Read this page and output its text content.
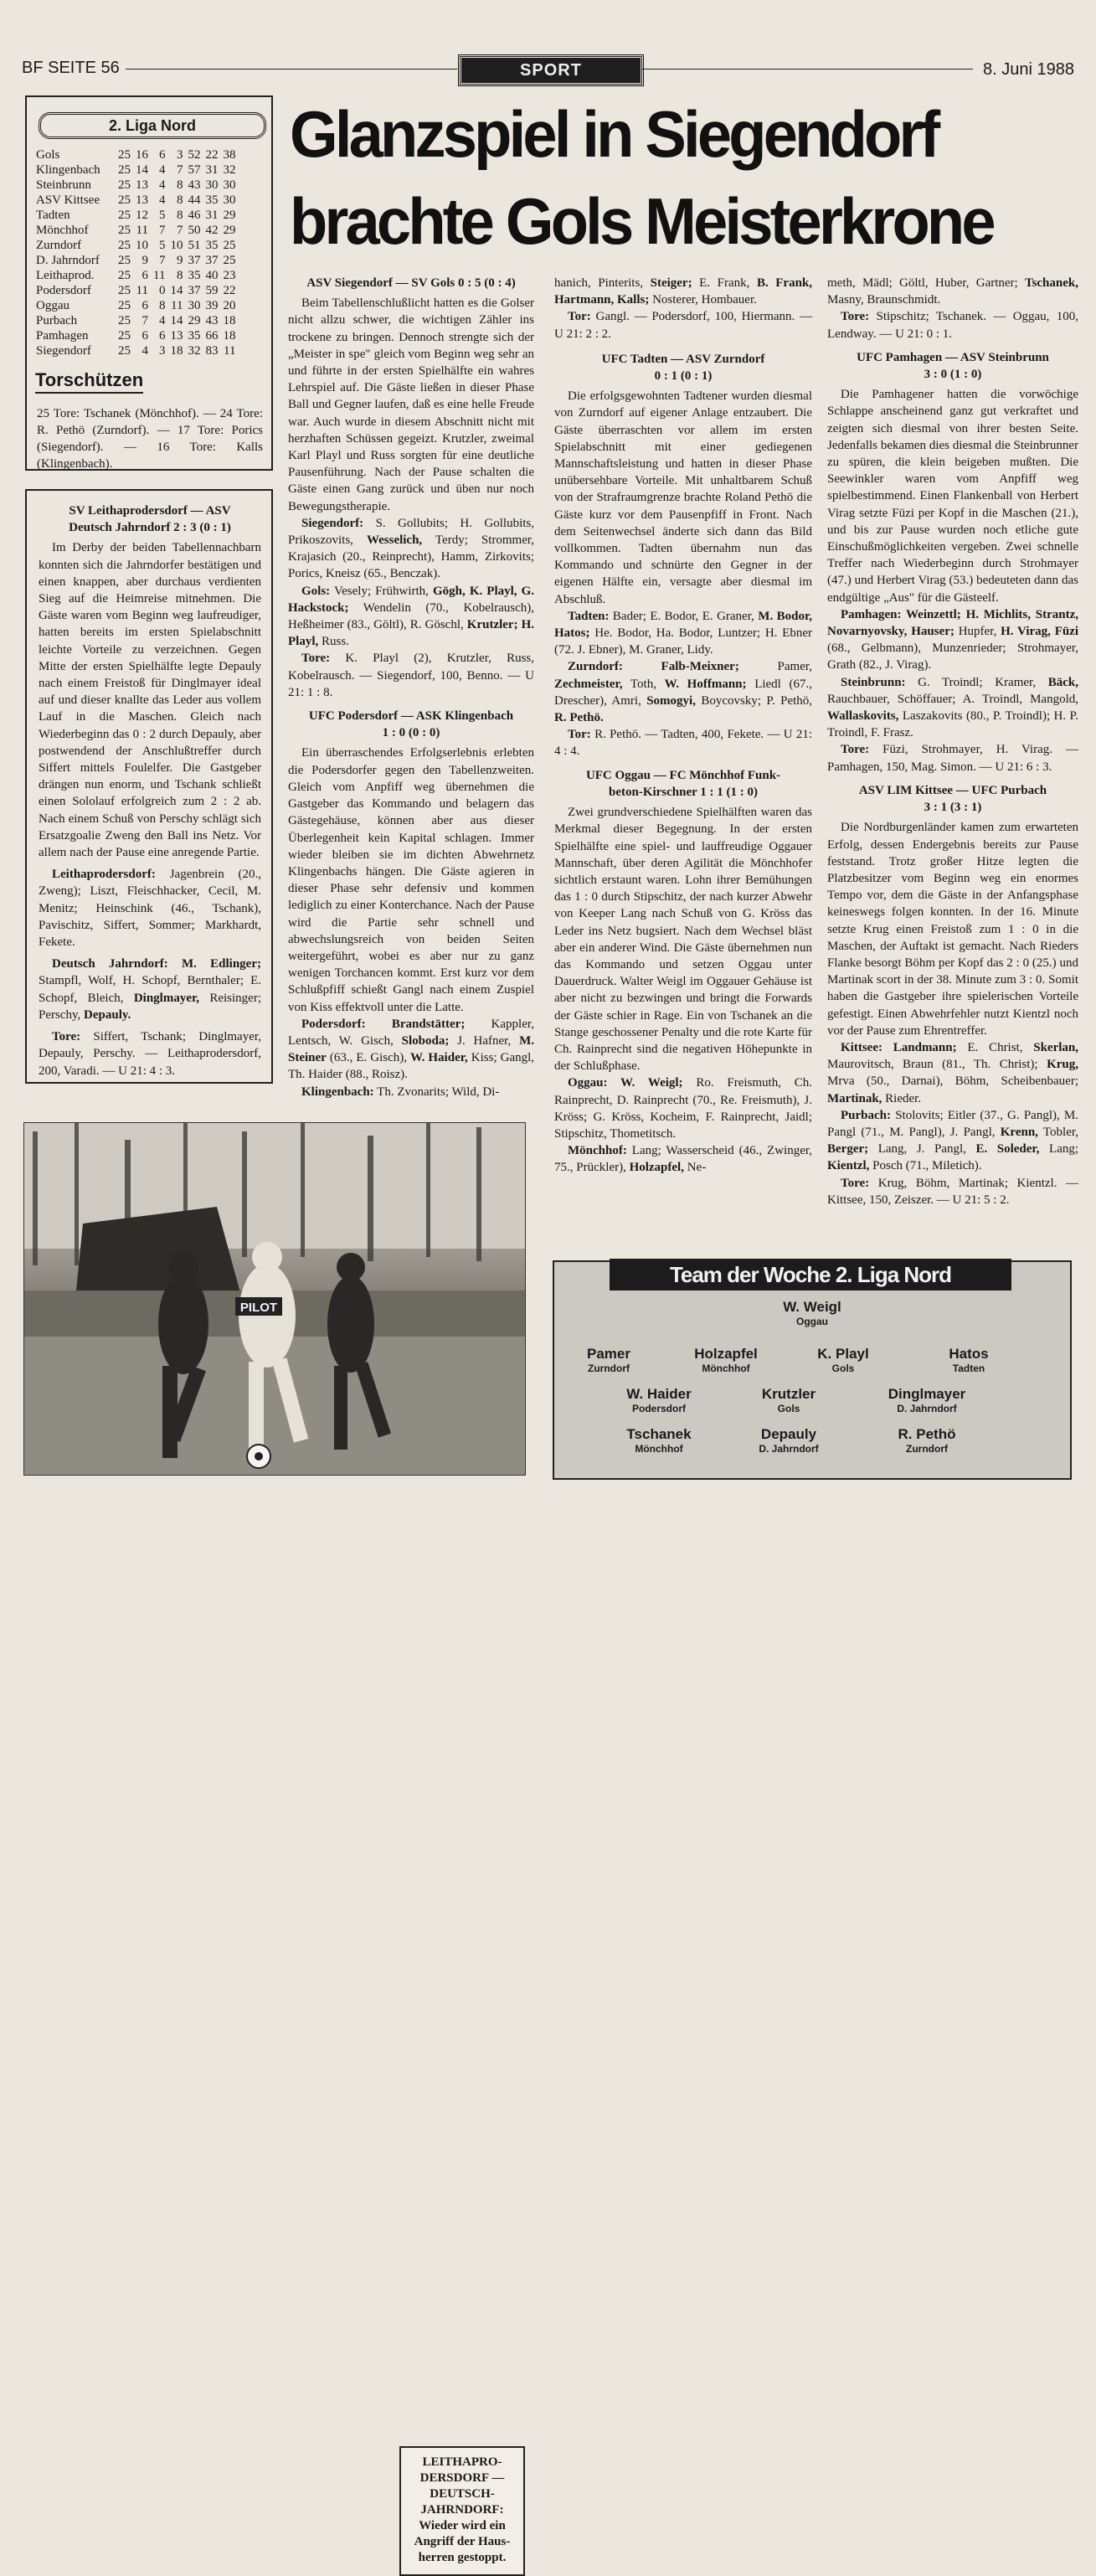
BF SEITE 56	SPORT	8. Juni 1988
Glanzspiel in Siegendorf
brachte Gols Meisterkrone
2. Liga Nord
Gols	25	16	6	3	52	22	38
Klingenbach	25	14	4	7	57	31	32
Steinbrunn	25	13	4	8	43	30	30
ASV Kittsee	25	13	4	8	44	35	30
Tadten	25	12	5	8	46	31	29
Mönchhof	25	11	7	7	50	42	29
Zurndorf	25	10	5	10	51	35	25
D. Jahrndorf	25	9	7	9	37	37	25
Leithaprod.	25	6	11	8	35	40	23
Podersdorf	25	11	0	14	37	59	22
Oggau	25	6	8	11	30	39	20
Purbach	25	7	4	14	29	43	18
Pamhagen	25	6	6	13	35	66	18
Siegendorf	25	4	3	18	32	83	11
Torschützen
25 Tore: Tschanek (Mönchhof). — 24 Tore: R. Pethö (Zurndorf). — 17 Tore: Porics (Siegendorf). — 16 Tore: Kalls (Klingenbach).

SV Leithaprodersdorf — ASV

Deutsch Jahrndorf 2 : 3 (0 : 1)

Im Derby der beiden Tabellennachbarn konnten sich die Jahrndorfer bestätigen und einen knappen, aber durchaus verdienten Sieg auf die Heimreise mitnehmen. Die Gäste waren vom Beginn weg laufreudiger, hatten bereits im ersten Spielabschnitt leichte Vorteile zu verzeichnen. Gegen Mitte der ersten Spielhälfte legte Depauly nach einem Freistoß für Dinglmayer ideal auf und dieser knallte das Leder aus vollem Lauf in die Maschen. Gleich nach Wiederbeginn das 0 : 2 durch Depauly, aber postwendend der Anschlußtreffer durch Siffert mittels Foulelfer. Die Gastgeber drängen nun enorm, und Tschank schließt einen Sololauf erfolgreich zum 2 : 2 ab. Nach einem Schuß von Perschy schlägt sich Ersatzgoalie Zweng den Ball ins Netz. Vor allem nach der Pause eine anregende Partie.

Leithaprodersdorf: Jagenbrein (20., Zweng); Liszt, Fleischhacker, Cecil, M. Menitz; Heinschink (46., Tschank), Pavischitz, Siffert, Sommer; Markhardt, Fekete.

Deutsch Jahrndorf: M. Edlinger; Stampfl, Wolf, H. Schopf, Bernthaler; E. Schopf, Bleich, Dinglmayer, Reisinger; Perschy, Depauly.

Tore: Siffert, Tschank; Dinglmayer, Depauly, Perschy. — Leithaprodersdorf, 200, Varadi. — U 21: 4 : 3.

ASV Siegendorf — SV Gols 0 : 5 (0 : 4)

Beim Tabellenschlußlicht hatten es die Golser nicht allzu schwer, die wichtigen Zähler ins trockene zu bringen. Dennoch strengte sich der „Meister in spe" gleich vom Beginn weg sehr an und führte in der ersten Spielhälfte ein wahres Lehrspiel auf. Die Gäste ließen in dieser Phase Ball und Gegner laufen, daß es eine helle Freude war. Auch wurde in diesem Abschnitt nicht mit herzhaften Schüssen gegeizt. Krutzler, zweimal Karl Playl und Russ sorgten für eine deutliche Pausenführung. Nach der Pause schalten die Gäste einen Gang zurück und üben nur noch Bewegungstherapie.

Siegendorf: S. Gollubits; H. Gollubits, Prikoszovits, Wesselich, Terdy; Strommer, Krajasich (20., Reinprecht), Hamm, Zirkovits; Porics, Kneisz (65., Benczak).

Gols: Vesely; Frühwirth, Gögh, K. Playl, G. Hackstock; Wendelin (70., Kobelrausch), Heßheimer (83., Göltl), R. Göschl, Krutzler; H. Playl, Russ.

Tore: K. Playl (2), Krutzler, Russ, Kobelrausch. — Siegendorf, 100, Benno. — U 21: 1 : 8.

UFC Podersdorf — ASK Klingenbach

1 : 0 (0 : 0)

Ein überraschendes Erfolgserlebnis erlebten die Podersdorfer gegen den Tabellenzweiten. Gleich vom Anpfiff weg übernehmen die Gastgeber das Kommando und belagern das Gästegehäuse, können aber aus dieser Überlegenheit kein Kapital schlagen. Immer wieder bleiben sie im dichten Abwehrnetz Klingenbachs hängen. Die Gäste agieren in dieser Phase sehr defensiv und kommen lediglich zu einer Konterchance. Nach der Pause wird die Partie sehr schnell und abwechslungsreich von beiden Seiten weitergeführt, wobei es aber nur zu ganz wenigen Torchancen kommt. Erst kurz vor dem Schlußpfiff schießt Gangl nach einem Zuspiel von Kiss effektvoll unter die Latte.

Podersdorf: Brandstätter; Kappler, Lentsch, W. Gisch, Sloboda; J. Hafner, M. Steiner (63., E. Gisch), W. Haider, Kiss; Gangl, Th. Haider (88., Roisz).

Klingenbach: Th. Zvonarits; Wild, Di-

hanich, Pinterits, Steiger; E. Frank, B. Frank, Hartmann, Kalls; Nosterer, Hombauer.

Tor: Gangl. — Podersdorf, 100, Hiermann. — U 21: 2 : 2.

UFC Tadten — ASV Zurndorf

0 : 1 (0 : 1)

Die erfolgsgewohnten Tadtener wurden diesmal von Zurndorf auf eigener Anlage entzaubert. Die Gäste überraschten vor allem im ersten Spielabschnitt mit einer gediegenen Mannschaftsleistung und hatten in dieser Phase unübersehbare Vorteile. Mit unhaltbarem Schuß von der Strafraumgrenze brachte Roland Pethö die Gäste kurz vor dem Pausenpfiff in Front. Nach dem Seitenwechsel änderte sich dann das Bild vollkommen. Tadten übernahm nun das Kommando und schnürte den Gegner in der eigenen Hälfte ein, versagte aber diesmal im Abschluß.

Tadten: Bader; E. Bodor, E. Graner, M. Bodor, Hatos; He. Bodor, Ha. Bodor, Luntzer; H. Ebner (72. J. Ebner), M. Graner, Lidy.

Zurndorf:	Falb-Meixner;	Pamer, Zechmeister, Toth, W. Hoffmann; Liedl (67., Drescher), Amri, Somogyi, Boycovsky; P. Pethö, R. Pethö.

Tor: R. Pethö. — Tadten, 400, Fekete. — U 21: 4 : 4.

UFC Oggau — FC Mönchhof Funk-

beton-Kirschner 1 : 1 (1 : 0)

Zwei grundverschiedene Spielhälften waren das Merkmal dieser Begegnung. In der ersten Spielhälfte eine spiel- und lauffreudige Oggauer Mannschaft, über deren Agilität die Mönchhofer sichtlich erstaunt waren. Lohn ihrer Bemühungen das 1 : 0 durch Stipschitz, der nach kurzer Abwehr von Keeper Lang nach Schuß von G. Kröss das Leder ins Netz bugsiert. Nach dem Wechsel bläst aber ein anderer Wind. Die Gäste übernehmen nun das Kommando und setzen Oggau unter Dauerdruck. Walter Weigl im Oggauer Gehäuse ist aber nicht zu bezwingen und bringt die Forwards der Gäste schier in Rage. Ein von Tschanek an die Stange geschossener Penalty und die rote Karte für Ch. Rainprecht sind die negativen Höhepunkte in der Schlußphase.

Oggau: W. Weigl; Ro. Freismuth, Ch. Rainprecht, D. Rainprecht (70., Re. Freismuth), J. Kröss; G. Kröss, Kocheim, F. Rainprecht, Jaidl; Stipschitz, Thometitsch.

Mönchhof: Lang; Wasserscheid (46., Zwinger, 75., Prückler), Holzapfel, Ne-

meth, Mädl; Göltl, Huber, Gartner; Tschanek, Masny, Braunschmidt.

Tore: Stipschitz; Tschanek. — Oggau, 100, Lendway. — U 21: 0 : 1.

UFC Pamhagen — ASV Steinbrunn

3 : 0 (1 : 0)

Die Pamhagener hatten die vorwöchige Schlappe anscheinend ganz gut verkraftet und zeigten sich diesmal von ihrer besten Seite. Jedenfalls bekamen dies diesmal die Steinbrunner zu spüren, die klein beigeben mußten. Die Seewinkler waren vom Anpfiff weg spielbestimmend. Einen Flankenball von Herbert Virag setzte Füzi per Kopf in die Maschen (21.), und bis zur Pause wurden noch etliche gute Einschußmöglichkeiten vergeben. Zwei schnelle Treffer nach Wiederbeginn durch Strohmayer (47.) und Herbert Virag (53.) bedeuteten dann das endgültige „Aus" für die Gästeelf.

Pamhagen: Weinzettl; H. Michlits, Strantz, Novarnyovsky, Hauser; Hupfer, H. Virag, Füzi (68., Gelbmann), Munzenrieder; Strohmayer, Grath (82., J. Virag).

Steinbrunn: G. Troindl; Kramer, Bäck, Rauchbauer, Schöffauer; A. Troindl, Mangold, Wallaskovits, Laszakovits (80., P. Troindl); H. P. Troindl, F. Frasz.

Tore: Füzi, Strohmayer, H. Virag. — Pamhagen, 150, Mag. Simon. — U 21: 6 : 3.

ASV LIM Kittsee — UFC Purbach

3 : 1 (3 : 1)

Die Nordburgenländer kamen zum erwarteten Erfolg, dessen Endergebnis bereits zur Pause feststand. Trotz großer Hitze legten die Platzbesitzer vom Beginn weg ein enormes Tempo vor, dem die Gäste in der Anfangsphase keineswegs folgen konnten. In der 16. Minute setzte Krug einen Freistoß zum 1 : 0 in die Maschen, der Auftakt ist gemacht. Nach Rieders Flanke besorgt Böhm per Kopf das 2 : 0 (25.) und Martinak scort in der 38. Minute zum 3 : 0. Somit haben die Gastgeber ihre spielerischen Vorteile gefestigt. Einen Abwehrfehler nutzt Kientzl noch vor der Pause zum Ehrentreffer.

Kittsee: Landmann; E. Christ, Skerlan, Maurovitsch, Braun (81., Th. Christ); Krug, Mrva (50., Darnai), Böhm, Scheibenbauer; Martinak, Rieder.

Purbach: Stolovits; Eitler (37., G. Pangl), M. Pangl (71., M. Pangl), J. Pangl, Krenn, Tobler, Berger; Lang, J. Pangl, E. Soleder, Lang; Kientzl, Posch (71., Miletich).

Tore: Krug, Böhm, Martinak; Kientzl. — Kittsee, 150, Zeiszer. — U 21: 5 : 2.

PILOT
LEITHAPRO-
DERSDORF —
DEUTSCH-
JAHRNDORF:
Wieder wird ein
Angriff der Haus-
herren gestoppt.
Team der Woche 2. Liga Nord
W. Weigl
Oggau
Pamer
Zurndorf
Holzapfel
Mönchhof
K. Playl
Gols
Hatos
Tadten
W. Haider
Podersdorf
Krutzler
Gols
Dinglmayer
D. Jahrndorf
Tschanek
Mönchhof
Depauly
D. Jahrndorf
R. Pethö
Zurndorf
